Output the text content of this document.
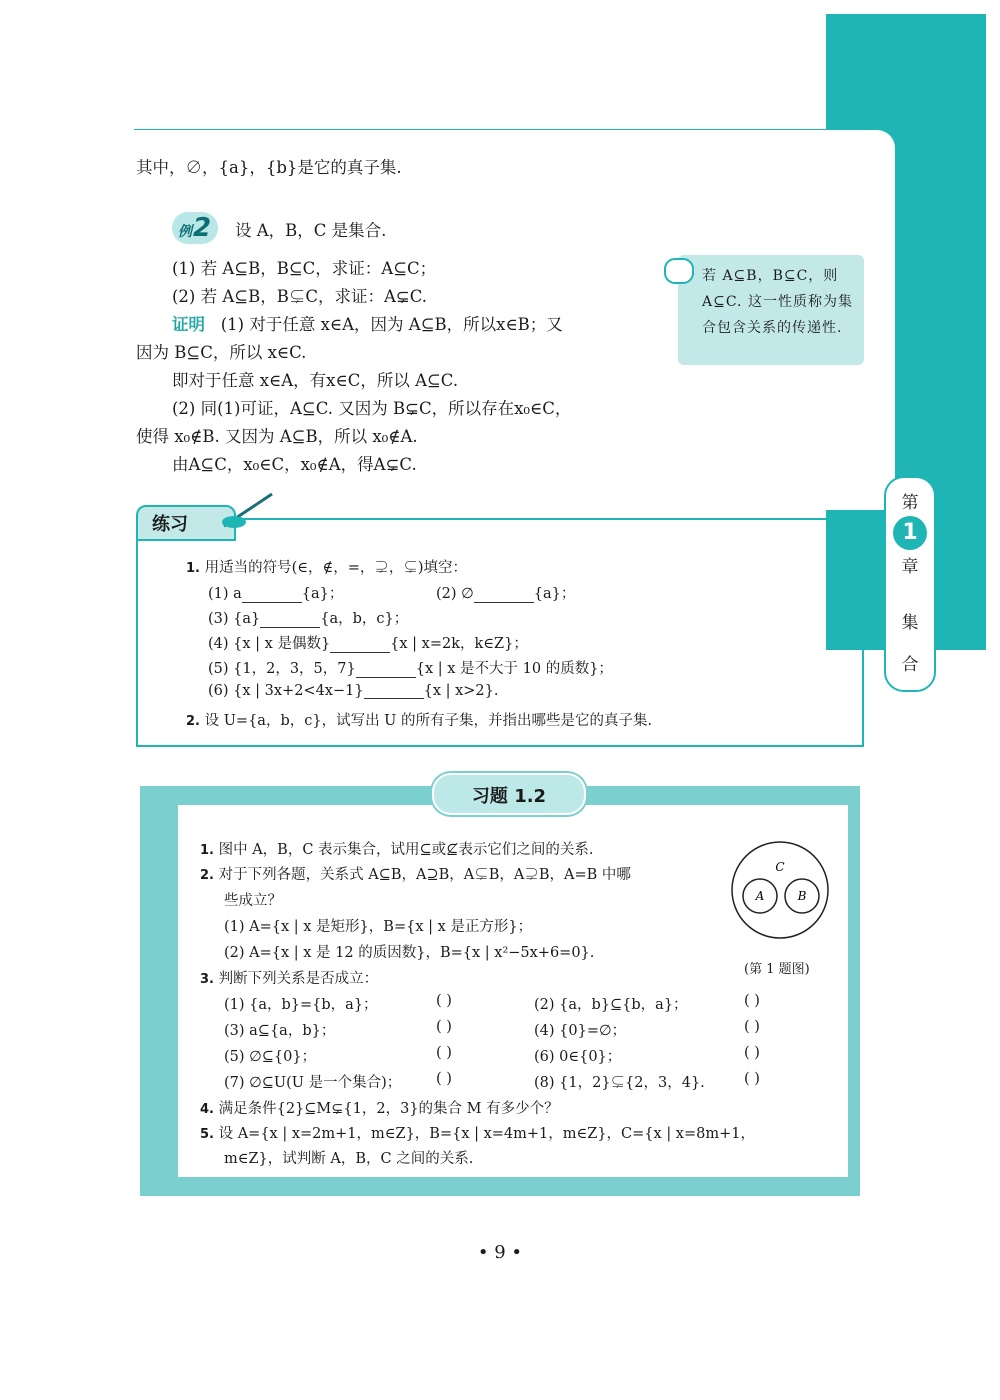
其中，∅，{a}，{b}是它的真子集.
例 2 设 A，B，C 是集合.
(1) 若 A⊆B，B⊆C，求证：A⊆C；
(2) 若 A⊆B，B⊊C，求证：A⊊C.
证明 (1) 对于任意 x∈A，因为 A⊆B，所以x∈B；又
因为 B⊆C，所以 x∈C.
即对于任意 x∈A，有x∈C，所以 A⊆C.
(2) 同(1)可证，A⊆C. 又因为 B⊊C，所以存在x₀∈C，
使得 x₀∉B. 又因为 A⊆B，所以 x₀∉A.
由A⊆C，x₀∈C，x₀∉A，得A⊊C.
若 A⊆B，B⊆C，则 A⊆C. 这一性质称为集合包含关系的传递性.
第
1
章
集
合
练习
1. 用适当的符号(∈，∉，=，⊋，⊊)填空：
(1) a	{a}；	(2) ∅	{a}；
(3) {a}	{a，b，c}；
(4) {x | x 是偶数}	{x | x=2k，k∈Z}；
(5) {1，2，3，5，7}	{x | x 是不大于 10 的质数}；
(6) {x | 3x+2<4x−1}	{x | x>2}.
2. 设 U={a，b，c}，试写出 U 的所有子集，并指出哪些是它的真子集.
习题 1.2
1. 图中 A，B，C 表示集合，试用⊆或⊈表示它们之间的关系.
2. 对于下列各题，关系式 A⊆B，A⊇B，A⊊B，A⊋B，A=B 中哪
些成立？
(1) A={x | x 是矩形}，B={x | x 是正方形}；
(2) A={x | x 是 12 的质因数}，B={x | x²−5x+6=0}.
3. 判断下列关系是否成立：
(1) {a，b}={b，a}；	( )	(2) {a，b}⊆{b，a}；	( )
(3) a⊆{a，b}；	( )	(4) {0}=∅；	( )
(5) ∅⊆{0}；	( )	(6) 0∈{0}；	( )
(7) ∅⊆U(U 是一个集合)； ( )	(8) {1，2}⊊{2，3，4}.	( )
4. 满足条件{2}⊆M⊊{1，2，3}的集合 M 有多少个？
5. 设 A={x | x=2m+1，m∈Z}，B={x | x=4m+1，m∈Z}，C={x | x=8m+1，
m∈Z}，试判断 A，B，C 之间的关系.
C
A	B
(第 1 题图)
• 9 •
